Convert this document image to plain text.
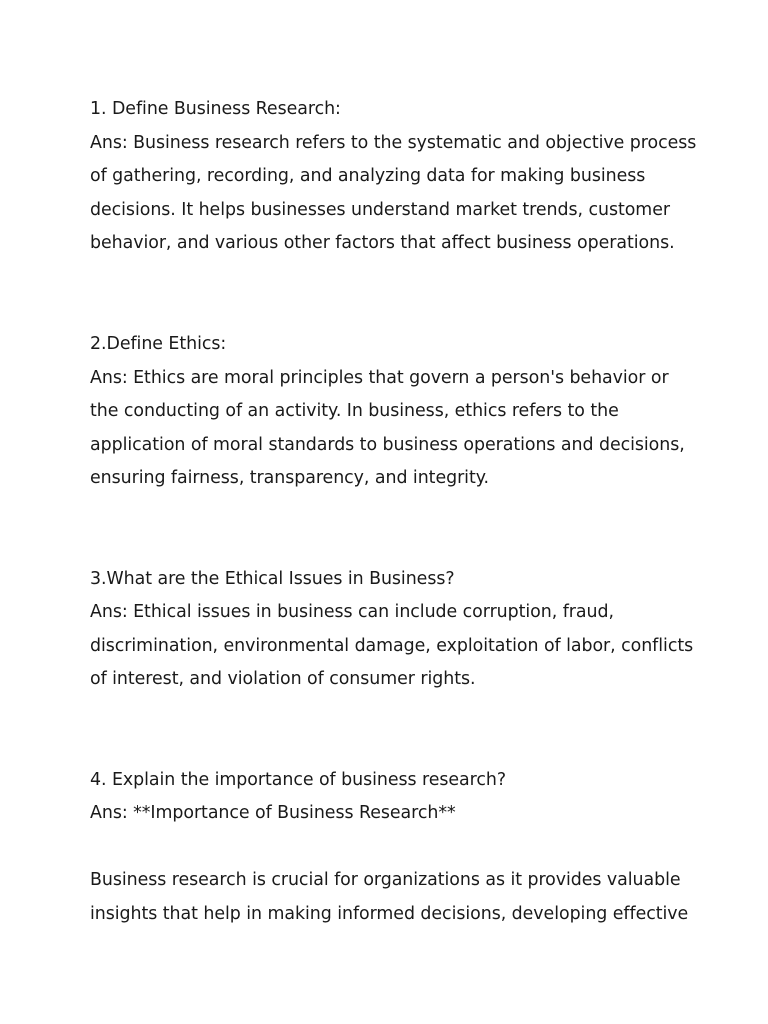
1. Define Business Research:
Ans: Business research refers to the systematic and objective process
of gathering, recording, and analyzing data for making business
decisions. It helps businesses understand market trends, customer
behavior, and various other factors that affect business operations.
2.Define Ethics:
Ans: Ethics are moral principles that govern a person's behavior or
the conducting of an activity. In business, ethics refers to the
application of moral standards to business operations and decisions,
ensuring fairness, transparency, and integrity.
3.What are the Ethical Issues in Business?
Ans: Ethical issues in business can include corruption, fraud,
discrimination, environmental damage, exploitation of labor, conflicts
of interest, and violation of consumer rights.
4. Explain the importance of business research?
Ans: **Importance of Business Research**
Business research is crucial for organizations as it provides valuable
insights that help in making informed decisions, developing effective
